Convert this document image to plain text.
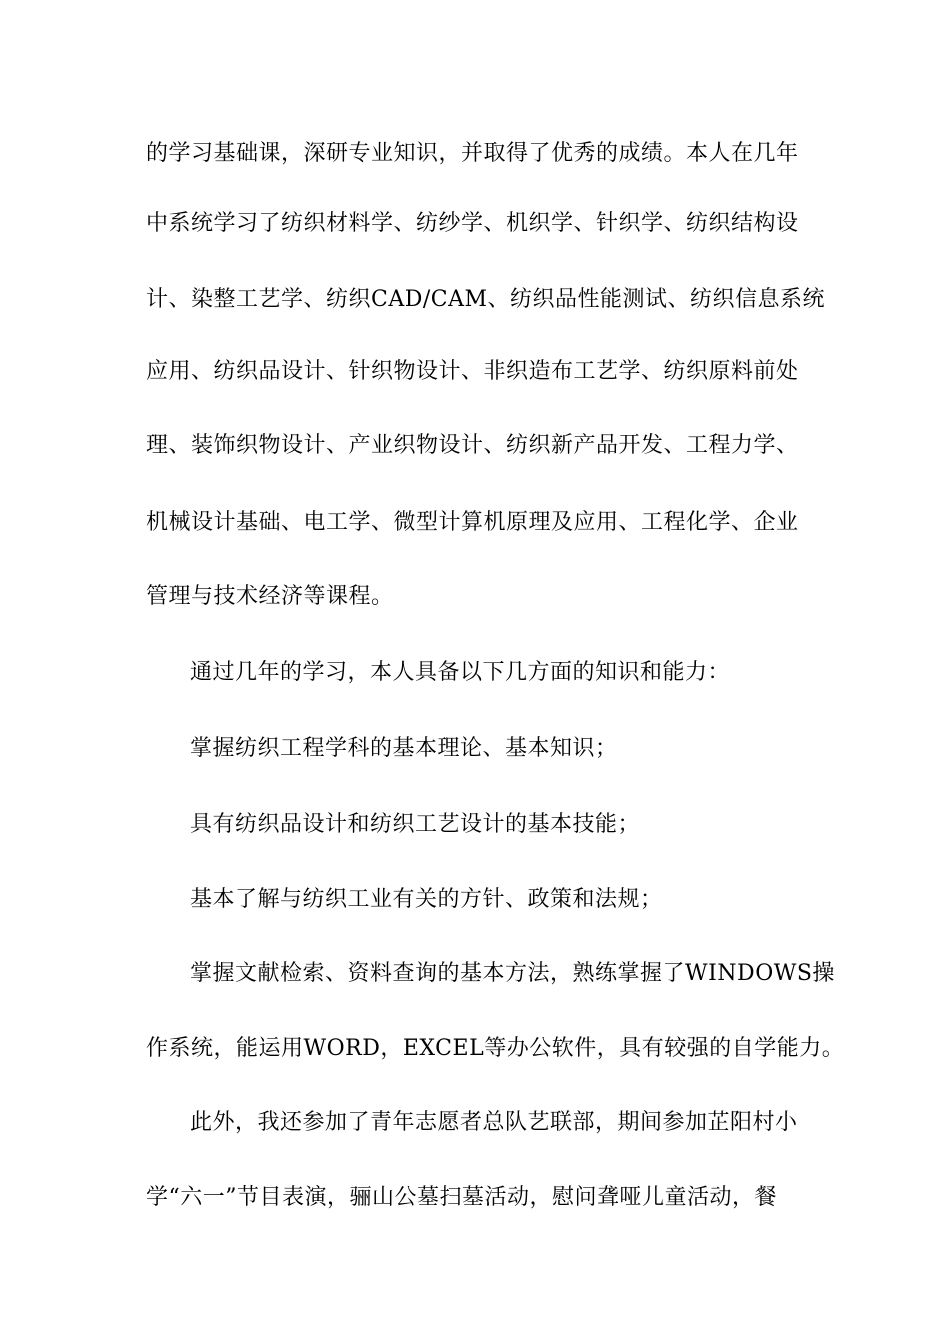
的学习基础课，深研专业知识，并取得了优秀的成绩。本人在几年
中系统学习了纺织材料学、纺纱学、机织学、针织学、纺织结构设
计、染整工艺学、纺织CAD/CAM、纺织品性能测试、纺织信息系统
应用、纺织品设计、针织物设计、非织造布工艺学、纺织原料前处
理、装饰织物设计、产业织物设计、纺织新产品开发、工程力学、
机械设计基础、电工学、微型计算机原理及应用、工程化学、企业
管理与技术经济等课程。
通过几年的学习，本人具备以下几方面的知识和能力：
掌握纺织工程学科的基本理论、基本知识；
具有纺织品设计和纺织工艺设计的基本技能；
基本了解与纺织工业有关的方针、政策和法规；
掌握文献检索、资料查询的基本方法，熟练掌握了WINDOWS操
作系统，能运用WORD，EXCEL等办公软件，具有较强的自学能力。
此外，我还参加了青年志愿者总队艺联部，期间参加芷阳村小
学“六一”节目表演，骊山公墓扫墓活动，慰问聋哑儿童活动，餐
